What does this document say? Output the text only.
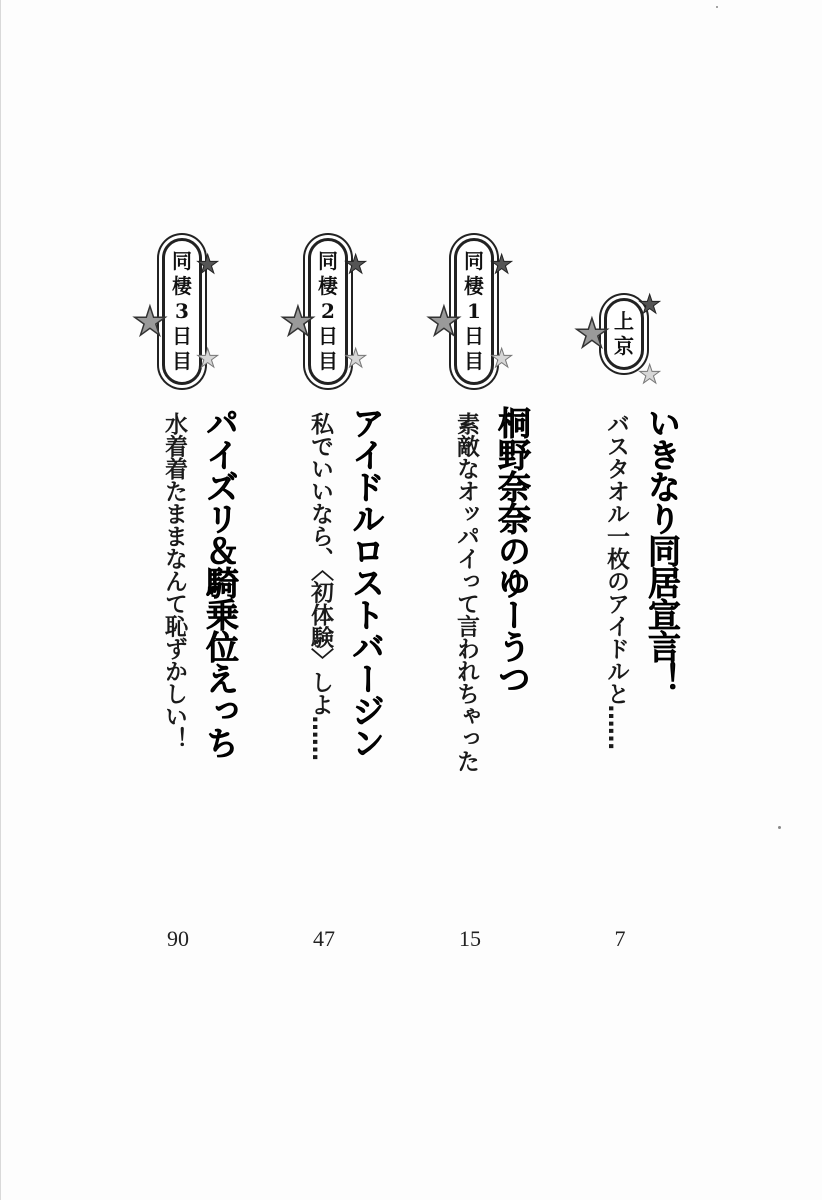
上
京
★
★
★
いきなり同居宣言！
バスタオル一枚のアイドルと……
7
同
棲
1
日
目
★
★
★
桐野奈奈のゆーうつ
素敵なオッパイって言われちゃった
15
同
棲
2
日
目
★
★
★
アイドルロストバージン
私でいいなら、〈初体験〉しよ……
47
同
棲
3
日
目
★
★
★
パイズリ＆騎乗位えっち
水着着たままなんて恥ずかしい！
90
